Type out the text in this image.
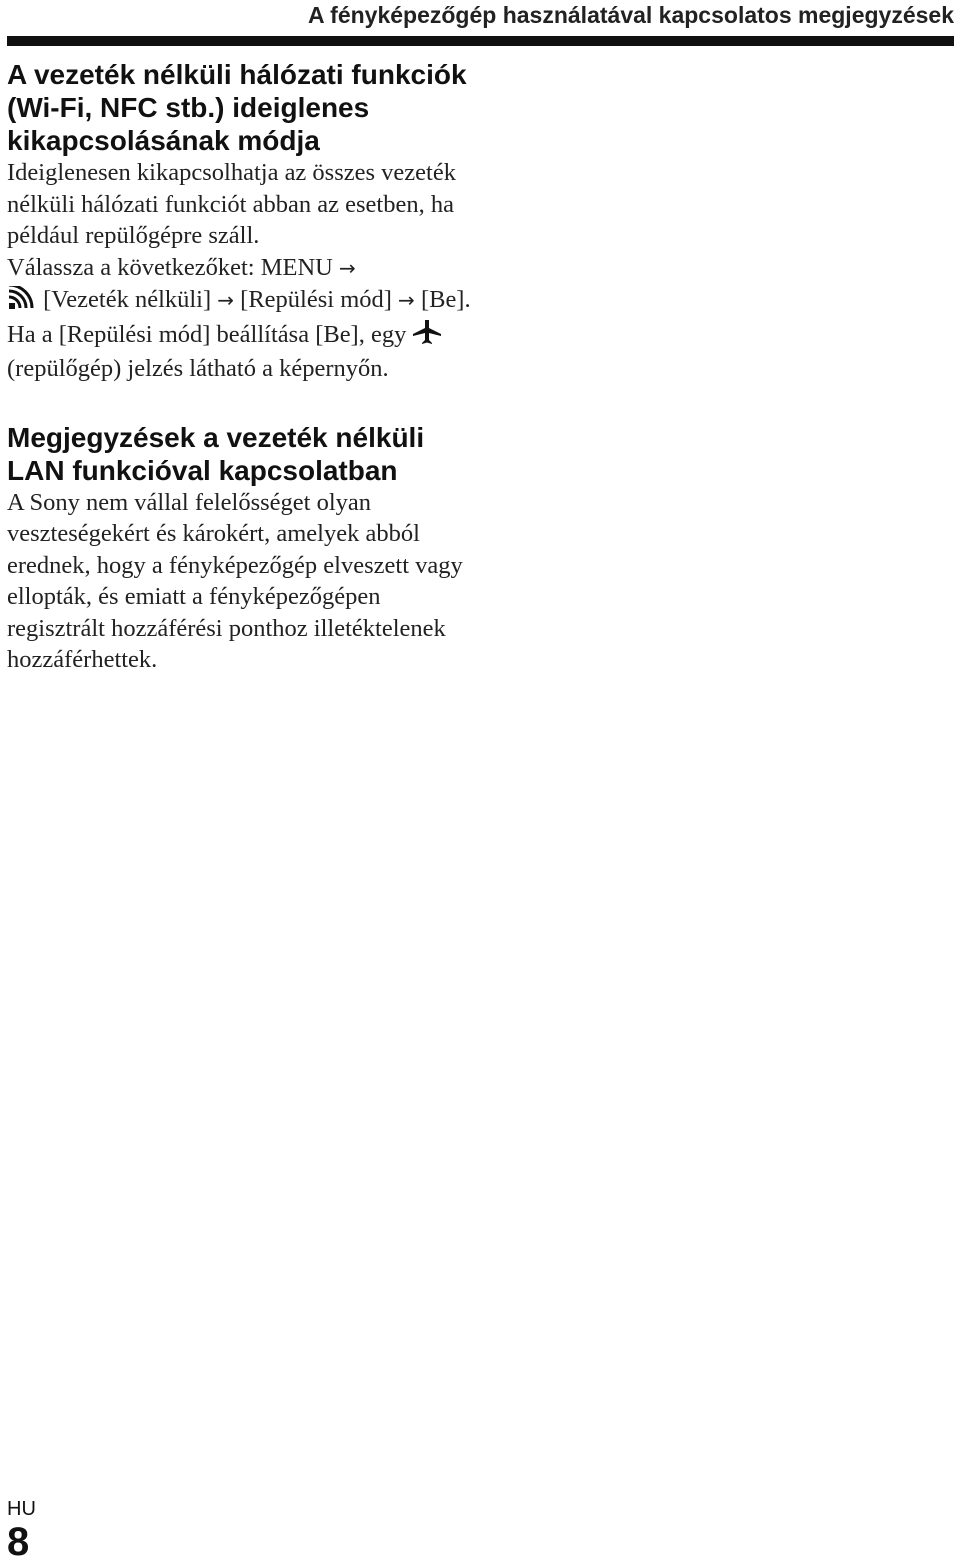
A fényképezőgép használatával kapcsolatos megjegyzések
A vezeték nélküli hálózati funkciók (Wi-Fi, NFC stb.) ideiglenes kikapcsolásának módja

Ideiglenesen kikapcsolhatja az összes vezeték nélküli hálózati funkciót abban az esetben, ha például repülőgépre száll.

Válassza a következőket: MENU →
[Vezeték nélküli] → [Repülési mód] → [Be].

Ha a [Repülési mód] beállítása [Be], egy  (repülőgép) jelzés látható a képernyőn.

Megjegyzések a vezeték nélküli LAN funkcióval kapcsolatban

A Sony nem vállal felelősséget olyan veszteségekért és károkért, amelyek abból erednek, hogy a fényképezőgép elveszett vagy ellopták, és emiatt a fényképezőgépen regisztrált hozzáférési ponthoz illetéktelenek hozzáférhettek.

HU
8
